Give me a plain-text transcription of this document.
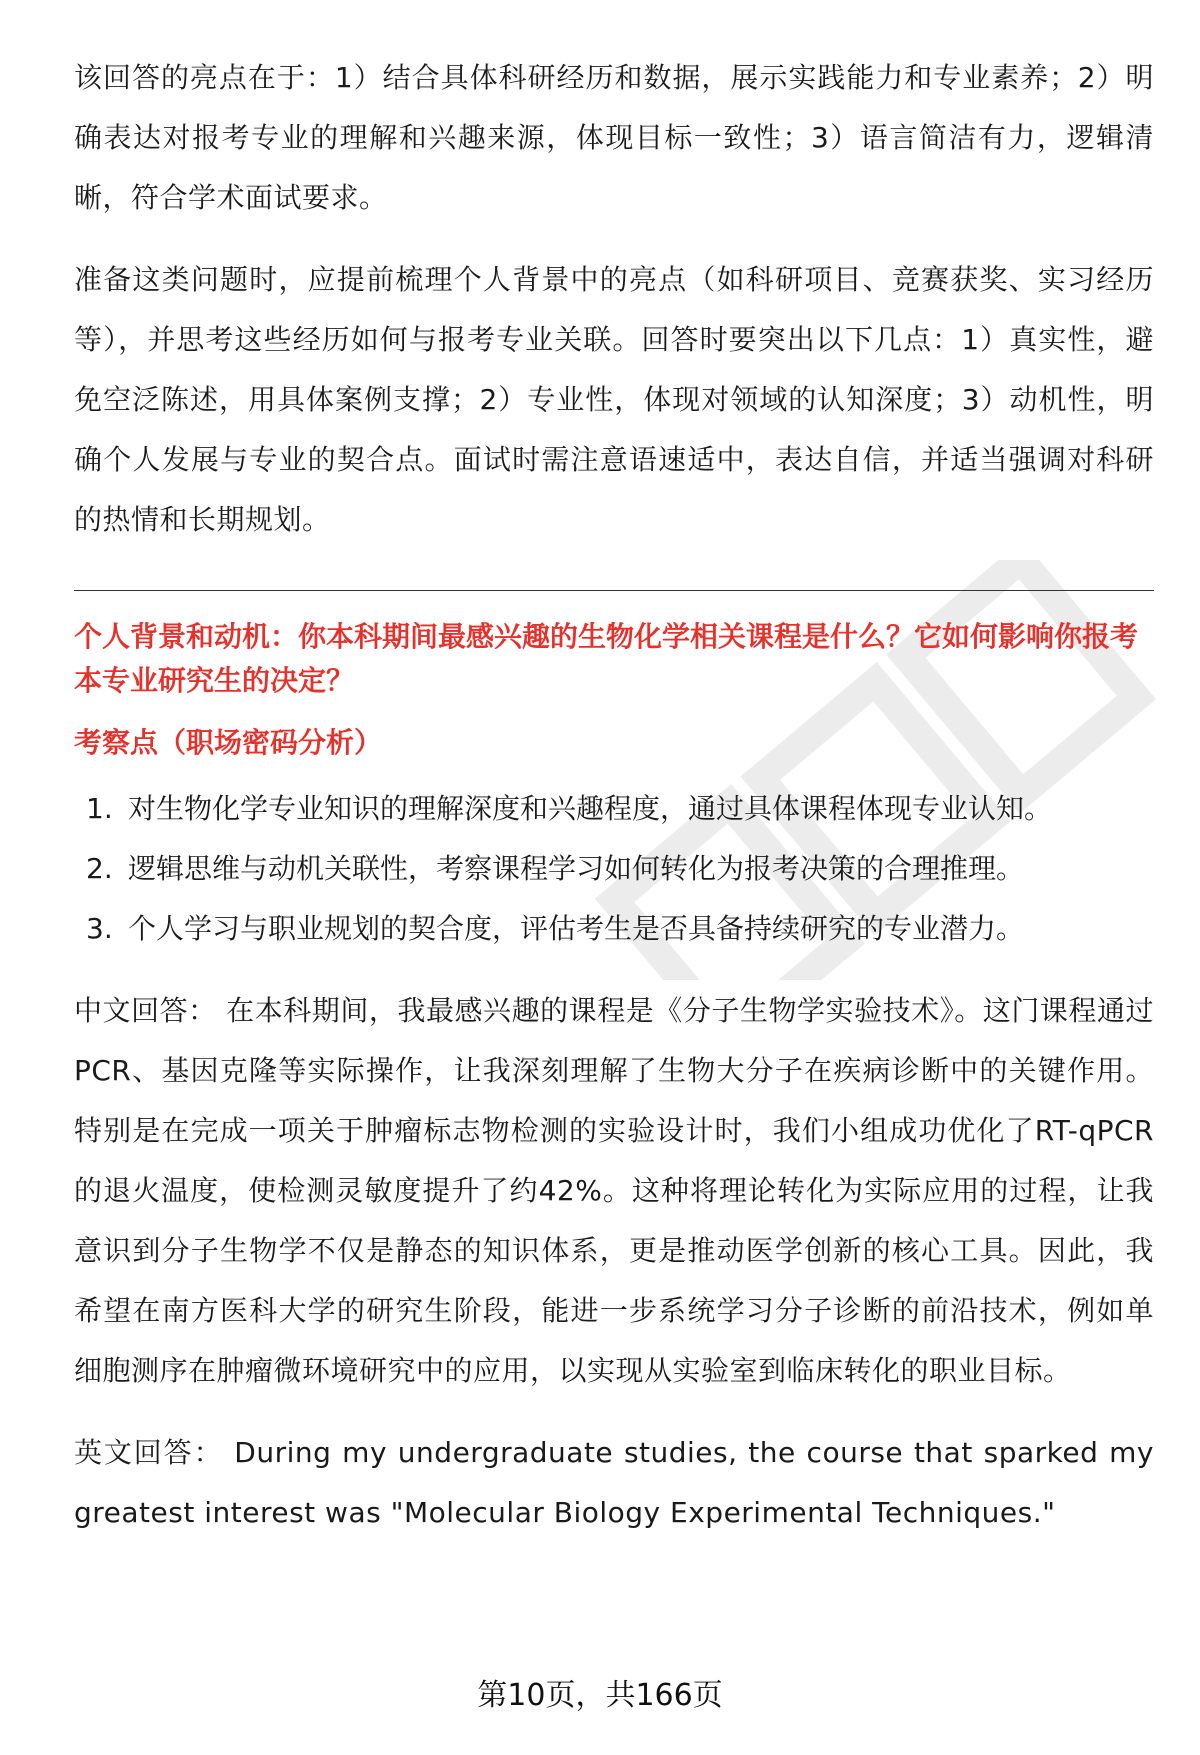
该回答的亮点在于：1）结合具体科研经历和数据，展示实践能力和专业素养；2）明确表达对报考专业的理解和兴趣来源，体现目标一致性；3）语言简洁有力，逻辑清晰，符合学术面试要求。

准备这类问题时，应提前梳理个人背景中的亮点（如科研项目、竞赛获奖、实习经历等），并思考这些经历如何与报考专业关联。回答时要突出以下几点：1）真实性，避免空泛陈述，用具体案例支撑；2）专业性，体现对领域的认知深度；3）动机性，明确个人发展与专业的契合点。面试时需注意语速适中，表达自信，并适当强调对科研的热情和长期规划。

个人背景和动机：你本科期间最感兴趣的生物化学相关课程是什么？它如何影响你报考本专业研究生的决定？

考察点（职场密码分析）

1. 对生物化学专业知识的理解深度和兴趣程度，通过具体课程体现专业认知。
2. 逻辑思维与动机关联性，考察课程学习如何转化为报考决策的合理推理。
3. 个人学习与职业规划的契合度，评估考生是否具备持续研究的专业潜力。

中文回答： 在本科期间，我最感兴趣的课程是《分子生物学实验技术》。这门课程通过PCR、基因克隆等实际操作，让我深刻理解了生物大分子在疾病诊断中的关键作用。特别是在完成一项关于肿瘤标志物检测的实验设计时，我们小组成功优化了RT-qPCR的退火温度，使检测灵敏度提升了约42%。这种将理论转化为实际应用的过程，让我意识到分子生物学不仅是静态的知识体系，更是推动医学创新的核心工具。因此，我希望在南方医科大学的研究生阶段，能进一步系统学习分子诊断的前沿技术，例如单细胞测序在肿瘤微环境研究中的应用，以实现从实验室到临床转化的职业目标。

英文回答： During my undergraduate studies, the course that sparked my greatest interest was "Molecular Biology Experimental Techniques."

第10页，共166页
